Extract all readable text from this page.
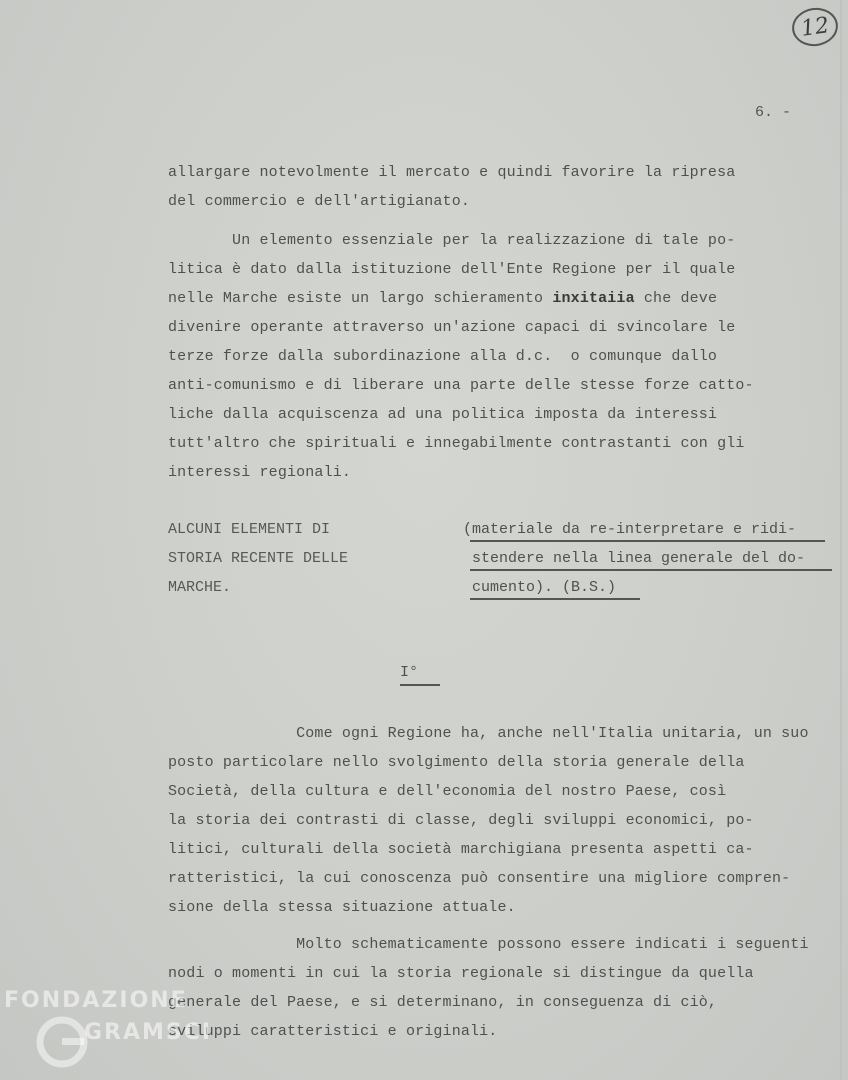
12
6. -
allargare notevolmente il mercato e quindi favorire la ripresa
del commercio e dell'artigianato.
Un elemento essenziale per la realizzazione di tale po-
litica è dato dalla istituzione dell'Ente Regione per il quale
nelle Marche esiste un largo schieramento inxitaiia che deve
divenire operante attraverso un'azione capaci di svincolare le
terze forze dalla subordinazione alla d.c.  o comunque dallo
anti-comunismo e di liberare una parte delle stesse forze catto-
liche dalla acquiscenza ad una politica imposta da interessi
tutt'altro che spirituali e innegabilmente contrastanti con gli
interessi regionali.
ALCUNI ELEMENTI DI
STORIA RECENTE DELLE
MARCHE.
(materiale da re-interpretare e ridi-
stendere nella linea generale del do-
cumento). (B.S.)
I°
Come ogni Regione ha, anche nell'Italia unitaria, un suo
posto particolare nello svolgimento della storia generale della
Società, della cultura e dell'economia del nostro Paese, così
la storia dei contrasti di classe, degli sviluppi economici, po-
litici, culturali della società marchigiana presenta aspetti ca-
ratteristici, la cui conoscenza può consentire una migliore compren-
sione della stessa situazione attuale.
Molto schematicamente possono essere indicati i seguenti
nodi o momenti in cui la storia regionale si distingue da quella
generale del Paese, e si determinano, in conseguenza di ciò,
sviluppi caratteristici e originali.
FONDAZIONE
GRAMSCI
